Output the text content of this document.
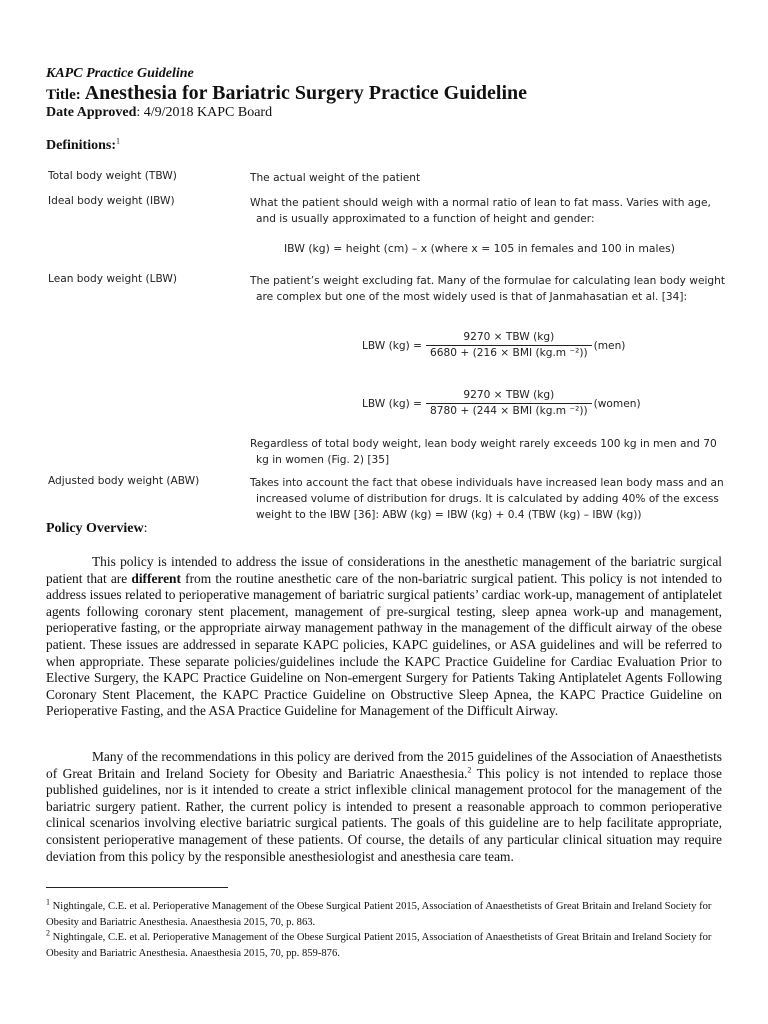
KAPC Practice Guideline
Title: Anesthesia for Bariatric Surgery Practice Guideline
Date Approved: 4/9/2018 KAPC Board
Definitions:$^1$
Total body weight (TBW)	The actual weight of the patient

Ideal body weight (IBW)	What the patient should weigh with a normal ratio of lean to fat mass. Varies with age, and is usually approximated to a function of height and gender:

IBW (kg) = height (cm) – x (where x = 105 in females and 100 in males)
Lean body weight (LBW)	The patient’s weight excluding fat. Many of the formulae for calculating lean body weight are complex but one of the most widely used is that of Janmahasatian et al. [34]:

LBW $(kg) = \frac{\text{9270 × TBW (kg)}}{\text{6680 + (216 × BMI (kg.m ⁻²))}} (men)$
LBW $(kg) = \frac{\text{9270 × TBW (kg)}}{\text{8780 + (244 × BMI (kg.m ⁻²))}}$ (women)

Regardless of total body weight, lean body weight rarely exceeds 100 kg in men and 70 kg in women (Fig. 2) [35]

Adjusted body weight (ABW)	Takes into account the fact that obese individuals have increased lean body mass and an increased volume of distribution for drugs. It is calculated by adding 40% of the excess weight to the IBW [36]: ABW (kg) = IBW (kg) + 0.4 (TBW (kg) – IBW (kg))

Policy Overview:

This policy is intended to address the issue of considerations in the anesthetic management of the bariatric surgical patient that are different from the routine anesthetic care of the non-bariatric surgical patient. This policy is not intended to address issues related to perioperative management of bariatric surgical patients’ cardiac work-up, management of antiplatelet agents following coronary stent placement, management of pre-surgical testing, sleep apnea work-up and management, perioperative fasting, or the appropriate airway management pathway in the management of the difficult airway of the obese patient. These issues are addressed in separate KAPC policies, KAPC guidelines, or ASA guidelines and will be referred to when appropriate. These separate policies/guidelines include the KAPC Practice Guideline for Cardiac Evaluation Prior to Elective Surgery, the KAPC Practice Guideline on Non-emergent Surgery for Patients Taking Antiplatelet Agents Following Coronary Stent Placement, the KAPC Practice Guideline on Obstructive Sleep Apnea, the KAPC Practice Guideline on Perioperative Fasting, and the ASA Practice Guideline for Management of the Difficult Airway.

Many of the recommendations in this policy are derived from the 2015 guidelines of the Association of Anaesthetists of Great Britain and Ireland Society for Obesity and Bariatric Anaesthesia.$^2$ This policy is not intended to replace those published guidelines, nor is it intended to create a strict inflexible clinical management protocol for the management of the bariatric surgery patient. Rather, the current policy is intended to present a reasonable approach to common perioperative clinical scenarios involving elective bariatric surgical patients. The goals of this guideline are to help facilitate appropriate, consistent perioperative management of these patients. Of course, the details of any particular clinical situation may require deviation from this policy by the responsible anesthesiologist and anesthesia care team.

$^1$ Nightingale, C.E. et al. Perioperative Management of the Obese Surgical Patient 2015, Association of Anaesthetists of Great Britain and Ireland Society for Obesity and Bariatric Anesthesia. Anaesthesia 2015, 70, p. 863.

$^2$ Nightingale, C.E. et al. Perioperative Management of the Obese Surgical Patient 2015, Association of Anaesthetists of Great Britain and Ireland Society for Obesity and Bariatric Anesthesia. Anaesthesia 2015, 70, pp. 859-876.
